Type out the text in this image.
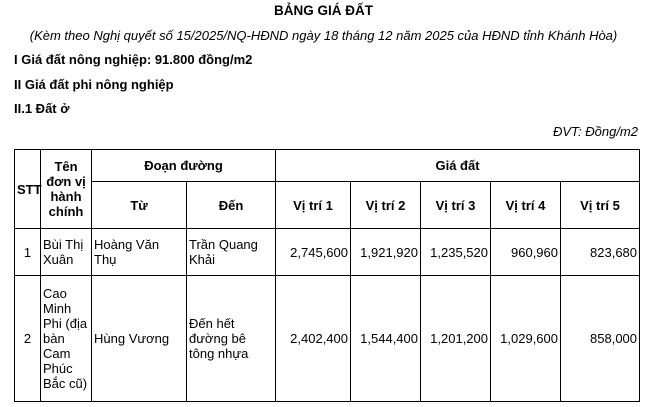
BẢNG GIÁ ĐẤT
(Kèm theo Nghị quyết số 15/2025/NQ-HĐND ngày 18 tháng 12 năm 2025 của HĐND tỉnh Khánh Hòa)
I Giá đất nông nghiệp: 91.800 đồng/m2
II Giá đất phi nông nghiệp
II.1 Đất ở
ĐVT: Đồng/m2
STT	Tên đơn vị hành chính	Đoạn đường		Giá đất				
		Từ	Đến	Vị trí 1	Vị trí 2	Vị trí 3	Vị trí 4	Vị trí 5
1	Bùi Thị Xuân	Hoàng Văn Thụ	Trần Quang Khải	2,745,600	1,921,920	1,235,520	960,960	823,680
2	Cao Minh Phi (địa bàn Cam Phúc Bắc cũ)	Hùng Vương	Đến hết đường bê tông nhựa	2,402,400	1,544,400	1,201,200	1,029,600	858,000
